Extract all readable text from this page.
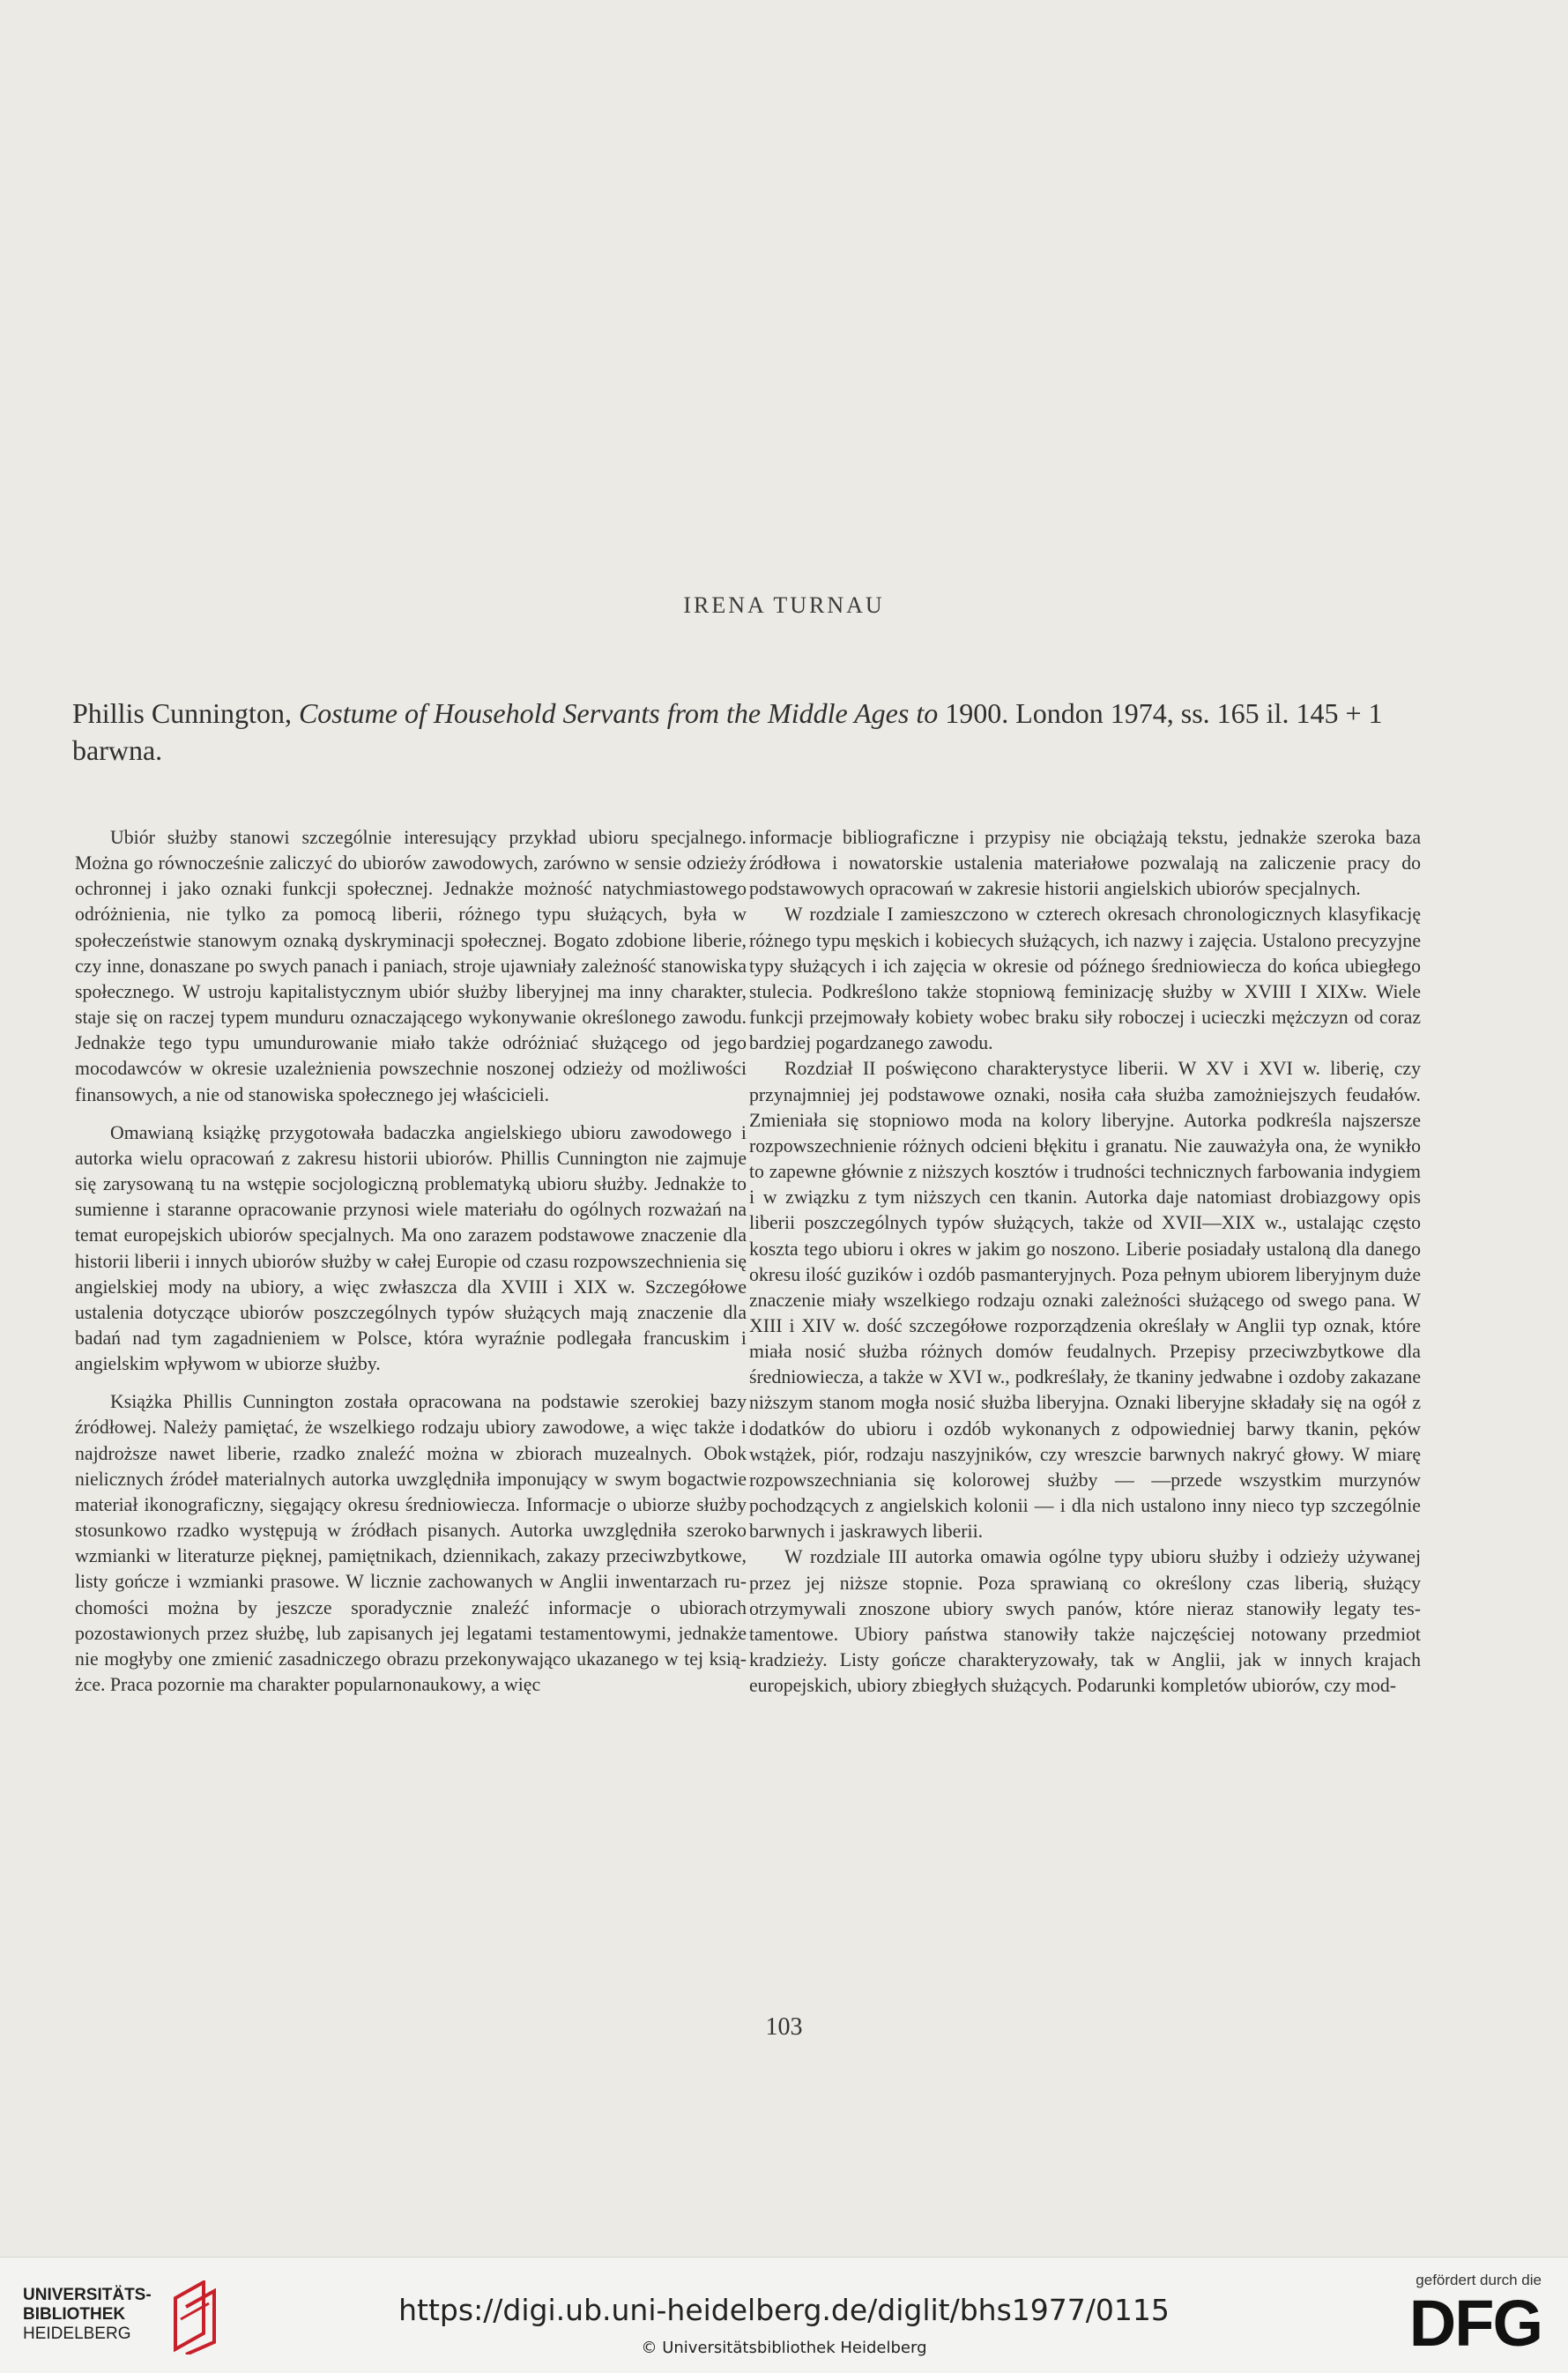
IRENA TURNAU
Phillis Cunnington, Costume of Household Servants from the Middle Ages to 1900. London 1974, ss. 165 il. 145 + 1 barwna.

Ubiór służby stanowi szczególnie interesujący przykład ubioru specjalnego. Można go równocześnie zaliczyć do ubiorów zawodowych, zarówno w sensie odzieży ochronnej i jako oznaki funkcji społecznej. Jednakże możność natychmiastowego odróżnienia, nie tylko za pomocą liberii, różnego typu służących, była w społeczeństwie stanowym oznaką dyskryminacji społecznej. Bogato zdobione liberie, czy inne, donaszane po swych panach i paniach, stroje ujawniały zależność stanowiska społecznego. W ustroju kapitalistycznym ubiór służby liberyjnej ma inny charakter, staje się on raczej typem munduru oznaczającego wykonywanie określonego zawodu. Jednakże tego typu umundurowanie miało także odróżniać służącego od jego mocodawców w okresie uzależnienia powszechnie noszonej odzieży od możliwości finansowych, a nie od stanowiska społecznego jej właścicieli.

Omawianą książkę przygotowała badaczka angielskiego ubioru zawodowego i autorka wielu opracowań z zakresu historii ubiorów. Phillis Cunnington nie zajmuje się zarysowaną tu na wstępie socjologiczną problematyką ubioru służby. Jednakże to sumienne i staranne opracowanie przynosi wiele materiału do ogólnych rozważań na temat europejskich ubiorów specjalnych. Ma ono zarazem podstawowe znaczenie dla historii liberii i innych ubiorów służby w całej Europie od czasu rozpowszechnienia się angielskiej mody na ubiory, a więc zwłaszcza dla XVIII i XIX w. Szczegółowe ustalenia dotyczące ubiorów poszczególnych typów służących mają znaczenie dla badań nad tym zagadnieniem w Polsce, która wyraźnie podlegała francuskim i angielskim wpływom w ubiorze służby.

Książka Phillis Cunnington została opracowana na podstawie szerokiej bazy źródłowej. Należy pamiętać, że wszelkiego rodzaju ubiory zawodowe, a więc także i najdroższe nawet liberie, rzadko znaleźć można w zbiorach muzealnych. Obok nielicznych źródeł materialnych autorka uwzględniła imponujący w swym bogactwie materiał ikonograficzny, sięgający okresu średniowiecza. Informacje o ubiorze służby stosunkowo rzadko występują w źródłach pisanych. Autorka uwzględniła szeroko wzmianki w literaturze pięknej, pamiętnikach, dziennikach, zakazy przeciwzbytkowe, listy gończe i wzmianki prasowe. W licznie zachowanych w Anglii inwentarzach ruchomości można by jeszcze sporadycznie znaleźć informacje o ubiorach pozostawionych przez służbę, lub zapisanych jej legatami testamentowymi, jednakże nie mogłyby one zmienić zasadniczego obrazu przekonywająco ukazanego w tej książce. Praca pozornie ma charakter popularnonaukowy, a więc

informacje bibliograficzne i przypisy nie obciążają tekstu, jednakże szeroka baza źródłowa i nowatorskie ustalenia materiałowe pozwalają na zaliczenie pracy do podstawowych opracowań w zakresie historii angielskich ubiorów specjalnych.

W rozdziale I zamieszczono w czterech okresach chronologicznych klasyfikację różnego typu męskich i kobiecych służących, ich nazwy i zajęcia. Ustalono precyzyjne typy służących i ich zajęcia w okresie od późnego średniowiecza do końca ubiegłego stulecia. Podkreślono także stopniową feminizację służby w XVIII I XIXw. Wiele funkcji przejmowały kobiety wobec braku siły roboczej i ucieczki mężczyzn od coraz bardziej pogardzanego zawodu.

Rozdział II poświęcono charakterystyce liberii. W XV i XVI w. liberię, czy przynajmniej jej podstawowe oznaki, nosiła cała służba zamożniejszych feudałów. Zmieniała się stopniowo moda na kolory liberyjne. Autorka podkreśla najszersze rozpowszechnienie różnych odcieni błękitu i granatu. Nie zauważyła ona, że wynikło to zapewne głównie z niższych kosztów i trudności technicznych farbowania indygiem i w związku z tym niższych cen tkanin. Autorka daje natomiast drobiazgowy opis liberii poszczególnych typów służących, także od XVII—XIX w., ustalając często koszta tego ubioru i okres w jakim go noszono. Liberie posiadały ustaloną dla danego okresu ilość guzików i ozdób pasmanteryjnych. Poza pełnym ubiorem liberyjnym duże znaczenie miały wszelkiego rodzaju oznaki zależności służącego od swego pana. W XIII i XIV w. dość szczegółowe rozporządzenia określały w Anglii typ oznak, które miała nosić służba różnych domów feudalnych. Przepisy przeciwzbytkowe dla średniowiecza, a także w XVI w., podkreślały, że tkaniny jedwabne i ozdoby zakazane niższym stanom mogła nosić służba liberyjna. Oznaki liberyjne składały się na ogół z dodatków do ubioru i ozdób wykonanych z odpowiedniej barwy tkanin, pęków wstążek, piór, rodzaju naszyjników, czy wreszcie barwnych nakryć głowy. W miarę rozpowszechniania się kolorowej służby — —przede wszystkim murzynów pochodzących z angielskich kolonii — i dla nich ustalono inny nieco typ szczególnie barwnych i jaskrawych liberii.

W rozdziale III autorka omawia ogólne typy ubioru służby i odzieży używanej przez jej niższe stopnie. Poza sprawianą co określony czas liberią, służący otrzymywali znoszone ubiory swych panów, które nieraz stanowiły legaty testamentowe. Ubiory państwa stanowiły także najczęściej notowany przedmiot kradzieży. Listy gończe charakteryzowały, tak w Anglii, jak w innych krajach europejskich, ubiory zbiegłych służących. Podarunki kompletów ubiorów, czy mod-

103
UNIVERSITÄTS-
BIBLIOTHEK
HEIDELBERG
https://digi.ub.uni-heidelberg.de/diglit/bhs1977/0115
© Universitätsbibliothek Heidelberg
gefördert durch die
DFG
